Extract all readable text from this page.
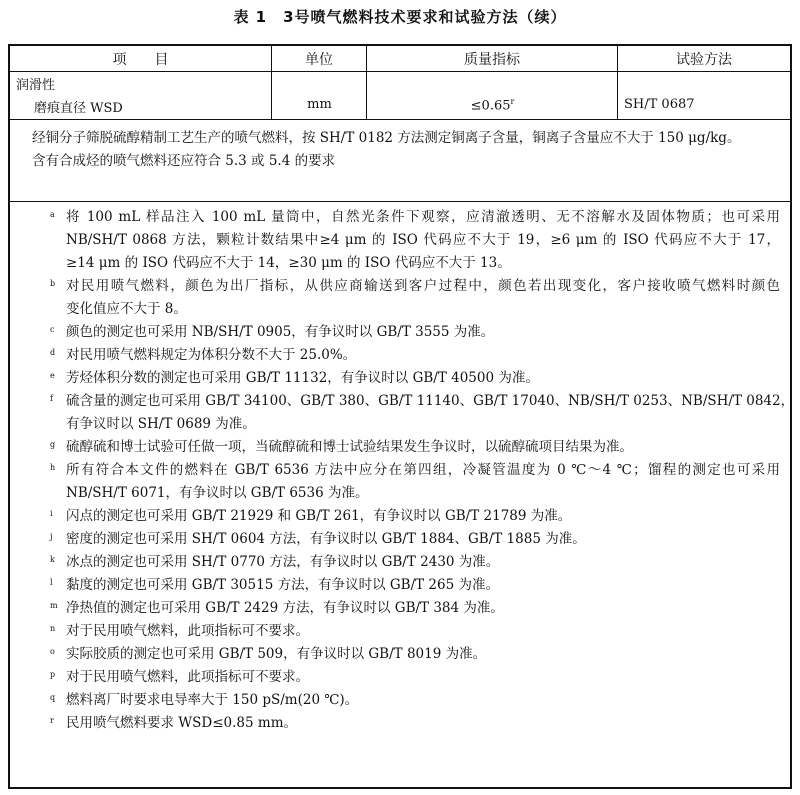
表 1　3号喷气燃料技术要求和试验方法（续）
项　　目	单位	质量指标	试验方法
润滑性
磨痕直径 WSD	mm	$\le 0.65^r$	SH/T 0687

经铜分子筛脱硫醇精制工艺生产的喷气燃料，按 SH/T 0182 方法测定铜离子含量，铜离子含量应不大于 150 μg/kg。

含有合成烃的喷气燃料还应符合 5.3 或 5.4 的要求

a 将 100 mL 样品注入 100 mL 量筒中，自然光条件下观察，应清澈透明、无不溶解水及固体物质；也可采用
NB/SH/T 0868 方法，颗粒计数结果中≥4 μm 的 ISO 代码应不大于 19，≥6 μm 的 ISO 代码应不大于 17，
≥14 μm 的 ISO 代码应不大于 14，≥30 μm 的 ISO 代码应不大于 13。
b 对民用喷气燃料，颜色为出厂指标，从供应商输送到客户过程中，颜色若出现变化，客户接收喷气燃料时颜色
变化值应不大于 8。
c 颜色的测定也可采用 NB/SH/T 0905，有争议时以 GB/T 3555 为准。
d 对民用喷气燃料规定为体积分数不大于 25.0%。
e 芳烃体积分数的测定也可采用 GB/T 11132，有争议时以 GB/T 40500 为准。
f 硫含量的测定也可采用 GB/T 34100、GB/T 380、GB/T 11140、GB/T 17040、NB/SH/T 0253、NB/SH/T 0842，
有争议时以 SH/T 0689 为准。
g 硫醇硫和博士试验可任做一项，当硫醇硫和博士试验结果发生争议时，以硫醇硫项目结果为准。
h 所有符合本文件的燃料在 GB/T 6536 方法中应分在第四组，冷凝管温度为 0 ℃～4 ℃；馏程的测定也可采用
NB/SH/T 6071，有争议时以 GB/T 6536 为准。
i 闪点的测定也可采用 GB/T 21929 和 GB/T 261，有争议时以 GB/T 21789 为准。
j 密度的测定也可采用 SH/T 0604 方法，有争议时以 GB/T 1884、GB/T 1885 为准。
k 冰点的测定也可采用 SH/T 0770 方法，有争议时以 GB/T 2430 为准。
l 黏度的测定也可采用 GB/T 30515 方法，有争议时以 GB/T 265 为准。
m 净热值的测定也可采用 GB/T 2429 方法，有争议时以 GB/T 384 为准。
n 对于民用喷气燃料，此项指标可不要求。
o 实际胶质的测定也可采用 GB/T 509，有争议时以 GB/T 8019 为准。
p 对于民用喷气燃料，此项指标可不要求。
q 燃料离厂时要求电导率大于 150 pS/m(20 ℃)。
r 民用喷气燃料要求 WSD≤0.85 mm。
